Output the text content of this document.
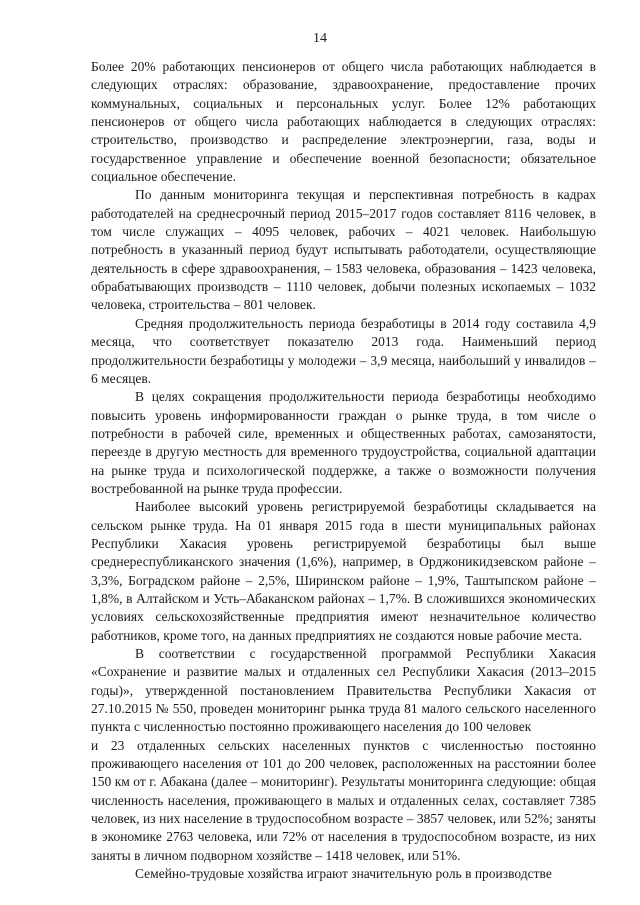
14

Более 20% работающих пенсионеров от общего числа работающих наблюдается в следующих отраслях: образование, здравоохранение, предоставление прочих коммунальных, социальных и персональных услуг. Более 12% работающих пенсионеров от общего числа работающих наблюдается в следующих отраслях: строительство, производство и распределение электроэнергии, газа, воды и государственное управление и обеспечение военной безопасности; обязательное социальное обеспечение.

По данным мониторинга текущая и перспективная потребность в кадрах работодателей на среднесрочный период 2015–2017 годов составляет 8116 человек, в том числе служащих – 4095 человек, рабочих – 4021 человек. Наибольшую потребность в указанный период будут испытывать работодатели, осуществляющие деятельность в сфере здравоохранения, – 1583 человека, образования – 1423 человека, обрабатывающих производств – 1110 человек, добычи полезных ископаемых – 1032 человека, строительства – 801 человек.

Средняя продолжительность периода безработицы в 2014 году составила 4,9 месяца, что соответствует показателю 2013 года. Наименьший период продолжительности безработицы у молодежи – 3,9 месяца, наибольший у инвалидов – 6 месяцев.

В целях сокращения продолжительности периода безработицы необходимо повысить уровень информированности граждан о рынке труда, в том числе о потребности в рабочей силе, временных и общественных работах, самозанятости, переезде в другую местность для временного трудоустройства, социальной адаптации на рынке труда и психологической поддержке, а также о возможности получения востребованной на рынке труда профессии.

Наиболее высокий уровень регистрируемой безработицы складывается на сельском рынке труда. На 01 января 2015 года в шести муниципальных районах Республики Хакасия уровень регистрируемой безработицы был выше среднереспубликанского значения (1,6%), например, в Орджоникидзевском районе – 3,3%, Боградском районе – 2,5%, Ширинском районе – 1,9%, Таштыпском районе – 1,8%, в Алтайском и Усть–Абаканском районах – 1,7%. В сложившихся экономических условиях сельскохозяйственные предприятия имеют незначительное количество работников, кроме того, на данных предприятиях не создаются новые рабочие места.

В соответствии с государственной программой Республики Хакасия «Сохранение и развитие малых и отдаленных сел Республики Хакасия (2013–2015 годы)», утвержденной постановлением Правительства Республики Хакасия от 27.10.2015 № 550, проведен мониторинг рынка труда 81 малого сельского населенного пункта с численностью постоянно проживающего населения до 100 человек

и 23 отдаленных сельских населенных пунктов с численностью постоянно проживающего населения от 101 до 200 человек, расположенных на расстоянии более 150 км от г. Абакана (далее – мониторинг). Результаты мониторинга следующие: общая численность населения, проживающего в малых и отдаленных селах, составляет 7385 человек, из них население в трудоспособном возрасте – 3857 человек, или 52%; заняты в экономике 2763 человека, или 72% от населения в трудоспособном возрасте, из них заняты в личном подворном хозяйстве – 1418 человек, или 51%.

Семейно-трудовые хозяйства играют значительную роль в производстве
